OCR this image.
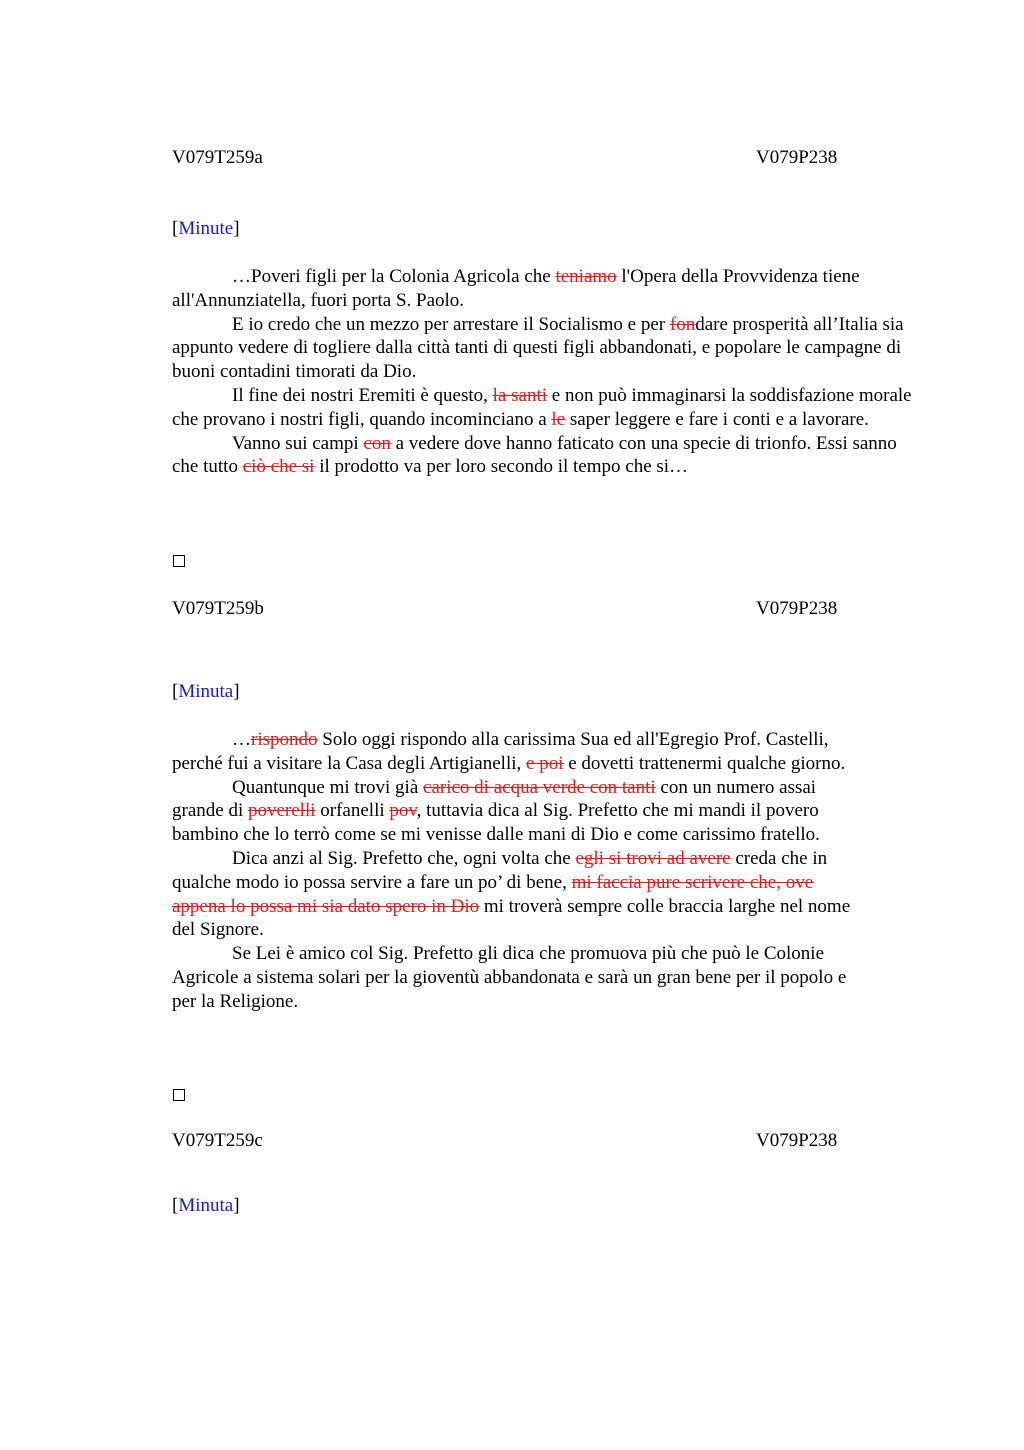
V079T259a	V079P238
[Minute]

…Poveri figli per la Colonia Agricola che teniamo l'Opera della Provvidenza tiene all'Annunziatella, fuori porta S. Paolo.

E io credo che un mezzo per arrestare il Socialismo e per fondare prosperità all’Italia sia appunto vedere di togliere dalla città tanti di questi figli abbandonati, e popolare le campagne di buoni contadini timorati da Dio.

Il fine dei nostri Eremiti è questo, la santi e non può immaginarsi la soddisfazione morale che provano i nostri figli, quando incominciano a le saper leggere e fare i conti e a lavorare.

Vanno sui campi con a vedere dove hanno faticato con una specie di trionfo. Essi sanno che tutto ciò che si il prodotto va per loro secondo il tempo che si…

V079T259b	V079P238
[Minuta]

…rispondo Solo oggi rispondo alla carissima Sua ed all'Egregio Prof. Castelli, perché fui a visitare la Casa degli Artigianelli, e poi e dovetti trattenermi qualche giorno.

Quantunque mi trovi già carico di acqua verde con tanti con un numero assai grande di poverelli orfanelli pov, tuttavia dica al Sig. Prefetto che mi mandi il povero bambino che lo terrò come se mi venisse dalle mani di Dio e come carissimo fratello.

Dica anzi al Sig. Prefetto che, ogni volta che egli si trovi ad avere creda che in qualche modo io possa servire a fare un po’ di bene, mi faccia pure scrivere che, ove appena lo possa mi sia dato spero in Dio mi troverà sempre colle braccia larghe nel nome del Signore.

Se Lei è amico col Sig. Prefetto gli dica che promuova più che può le Colonie Agricole a sistema solari per la gioventù abbandonata e sarà un gran bene per il popolo e per la Religione.

V079T259c	V079P238
[Minuta]
